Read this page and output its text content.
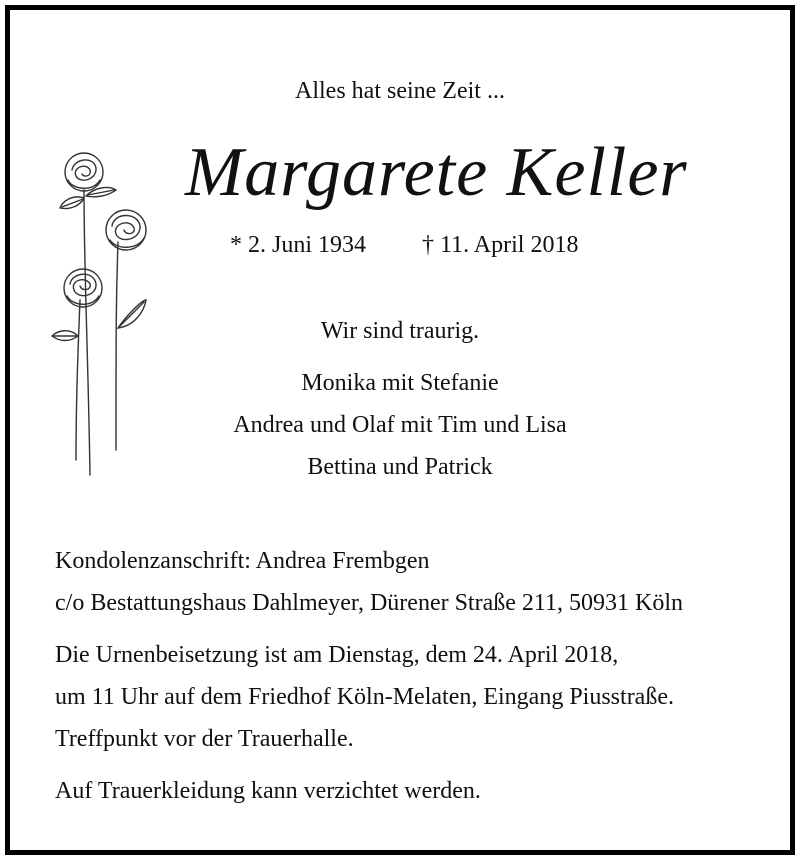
Alles hat seine Zeit ...
Margarete Keller
* 2. Juni 1934 † 11. April 2018
Wir sind traurig.
Monika mit Stefanie
Andrea und Olaf mit Tim und Lisa
Bettina und Patrick
Kondolenzanschrift: Andrea Frembgen
c/o Bestattungshaus Dahlmeyer, Dürener Straße 211, 50931 Köln
Die Urnenbeisetzung ist am Dienstag, dem 24. April 2018,
um 11 Uhr auf dem Friedhof Köln-Melaten, Eingang Piusstraße.
Treffpunkt vor der Trauerhalle.
Auf Trauerkleidung kann verzichtet werden.
